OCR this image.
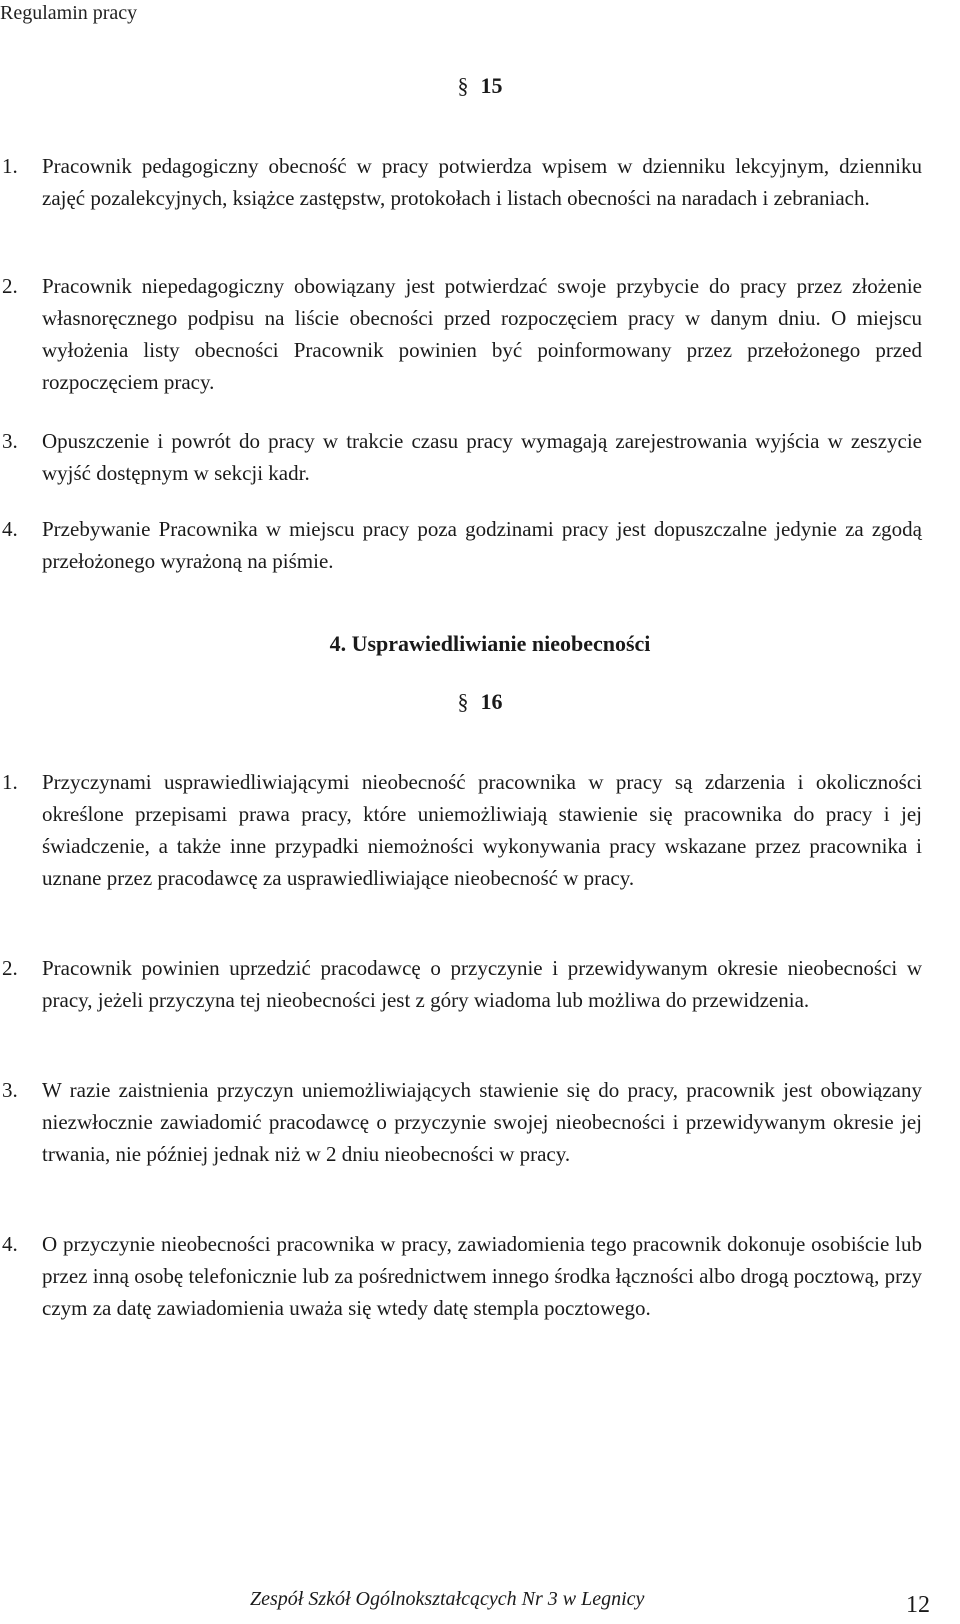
Regulamin pracy
§ 15
1.	Pracownik pedagogiczny obecność w pracy potwierdza wpisem w dzienniku lekcyjnym, dzienniku zajęć pozalekcyjnych, książce zastępstw, protokołach i listach obecności na naradach i zebraniach.
2.	Pracownik niepedagogiczny obowiązany jest potwierdzać swoje przybycie do pracy przez złożenie własnoręcznego podpisu na liście obecności przed rozpoczęciem pracy w danym dniu. O miejscu wyłożenia listy obecności Pracownik powinien być poinformowany przez przełożonego przed rozpoczęciem pracy.
3.	Opuszczenie i powrót do pracy w trakcie czasu pracy wymagają zarejestrowania wyjścia w zeszycie wyjść dostępnym w sekcji kadr.
4.	Przebywanie Pracownika w miejscu pracy poza godzinami pracy jest dopuszczalne jedynie za zgodą przełożonego wyrażoną na piśmie.
4. Usprawiedliwianie nieobecności
§ 16
1.	Przyczynami usprawiedliwiającymi nieobecność pracownika w pracy są zdarzenia i okoliczności określone przepisami prawa pracy, które uniemożliwiają stawienie się pracownika do pracy i jej świadczenie, a także inne przypadki niemożności wykonywania pracy wskazane przez pracownika i uznane przez pracodawcę za usprawiedliwiające nieobecność w pracy.
2.	Pracownik powinien uprzedzić pracodawcę o przyczynie i przewidywanym okresie nieobecności w pracy, jeżeli przyczyna tej nieobecności jest z góry wiadoma lub możliwa do przewidzenia.
3.	W razie zaistnienia przyczyn uniemożliwiających stawienie się do pracy, pracownik jest obowiązany niezwłocznie zawiadomić pracodawcę o przyczynie swojej nieobecności i przewidywanym okresie jej trwania, nie później jednak niż w 2 dniu nieobecności w pracy.
4.	O przyczynie nieobecności pracownika w pracy, zawiadomienia tego pracownik dokonuje osobiście lub przez inną osobę telefonicznie lub za pośrednictwem innego środka łączności albo drogą pocztową, przy czym za datę zawiadomienia uważa się wtedy datę stempla pocztowego.
Zespół Szkół Ogólnokształcących Nr 3 w Legnicy	12
